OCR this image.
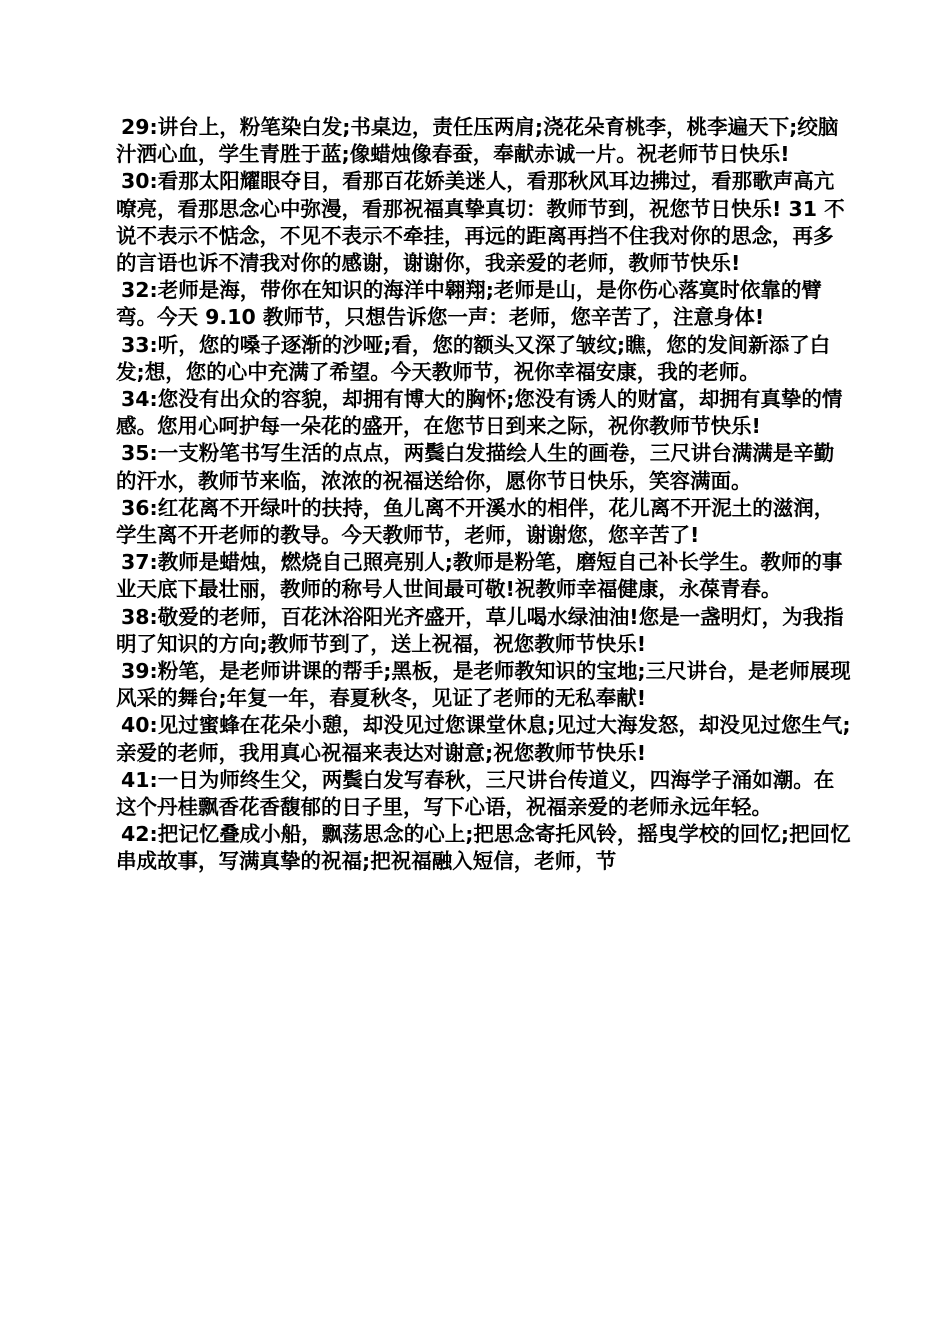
29:讲台上，粉笔染白发;书桌边，责任压两肩;浇花朵育桃李，桃李遍天下;绞脑汁洒心血，学生青胜于蓝;像蜡烛像春蚕，奉献赤诚一片。祝老师节日快乐!

30:看那太阳耀眼夺目，看那百花娇美迷人，看那秋风耳边拂过，看那歌声高亢嘹亮，看那思念心中弥漫，看那祝福真挚真切：教师节到，祝您节日快乐! 31 不说不表示不惦念，不见不表示不牵挂，再远的距离再挡不住我对你的思念，再多的言语也诉不清我对你的感谢，谢谢你，我亲爱的老师，教师节快乐!

32:老师是海，带你在知识的海洋中翱翔;老师是山，是你伤心落寞时依靠的臂弯。今天 9.10 教师节，只想告诉您一声：老师，您辛苦了，注意身体!

33:听，您的嗓子逐渐的沙哑;看，您的额头又深了皱纹;瞧，您的发间新添了白发;想，您的心中充满了希望。今天教师节，祝你幸福安康，我的老师。

34:您没有出众的容貌，却拥有博大的胸怀;您没有诱人的财富，却拥有真挚的情感。您用心呵护每一朵花的盛开，在您节日到来之际，祝你教师节快乐!

35:一支粉笔书写生活的点点，两鬓白发描绘人生的画卷，三尺讲台满满是辛勤的汗水，教师节来临，浓浓的祝福送给你，愿你节日快乐，笑容满面。

36:红花离不开绿叶的扶持，鱼儿离不开溪水的相伴，花儿离不开泥土的滋润，学生离不开老师的教导。今天教师节，老师，谢谢您，您辛苦了!

37:教师是蜡烛，燃烧自己照亮别人;教师是粉笔，磨短自己补长学生。教师的事业天底下最壮丽，教师的称号人世间最可敬!祝教师幸福健康，永葆青春。

38:敬爱的老师，百花沐浴阳光齐盛开，草儿喝水绿油油!您是一盏明灯，为我指明了知识的方向;教师节到了，送上祝福，祝您教师节快乐!

39:粉笔，是老师讲课的帮手;黑板，是老师教知识的宝地;三尺讲台，是老师展现风采的舞台;年复一年，春夏秋冬，见证了老师的无私奉献!

40:见过蜜蜂在花朵小憩，却没见过您课堂休息;见过大海发怒，却没见过您生气;亲爱的老师，我用真心祝福来表达对谢意;祝您教师节快乐!

41:一日为师终生父，两鬓白发写春秋，三尺讲台传道义，四海学子涌如潮。在这个丹桂飘香花香馥郁的日子里，写下心语，祝福亲爱的老师永远年轻。

42:把记忆叠成小船，飘荡思念的心上;把思念寄托风铃，摇曳学校的回忆;把回忆串成故事，写满真挚的祝福;把祝福融入短信，老师，节
